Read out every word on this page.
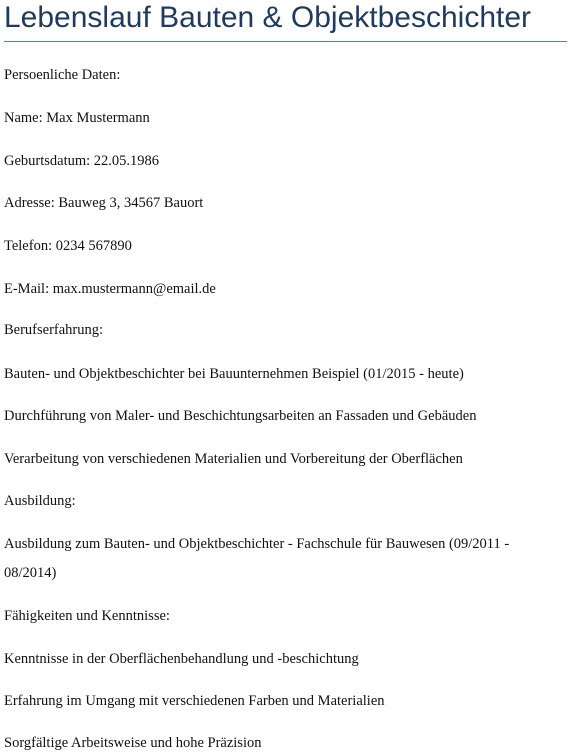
Lebenslauf Bauten & Objektbeschichter

Persoenliche Daten:

Name: Max Mustermann

Geburtsdatum: 22.05.1986

Adresse: Bauweg 3, 34567 Bauort

Telefon: 0234 567890

E-Mail: max.mustermann@email.de

Berufserfahrung:

Bauten- und Objektbeschichter bei Bauunternehmen Beispiel (01/2015 - heute)

Durchführung von Maler- und Beschichtungsarbeiten an Fassaden und Gebäuden

Verarbeitung von verschiedenen Materialien und Vorbereitung der Oberflächen

Ausbildung:

Ausbildung zum Bauten- und Objektbeschichter - Fachschule für Bauwesen (09/2011 -

08/2014)

Fähigkeiten und Kenntnisse:

Kenntnisse in der Oberflächenbehandlung und -beschichtung

Erfahrung im Umgang mit verschiedenen Farben und Materialien

Sorgfältige Arbeitsweise und hohe Präzision
